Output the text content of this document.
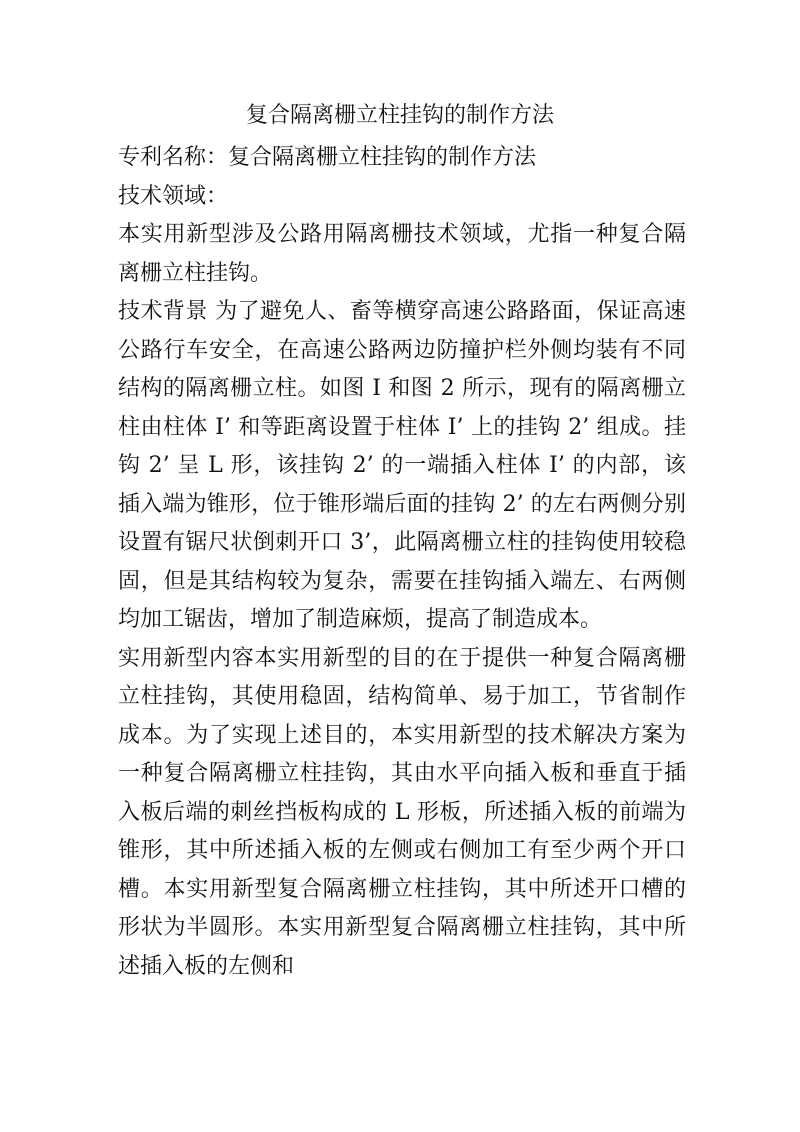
复合隔离栅立柱挂钩的制作方法

专利名称：复合隔离栅立柱挂钩的制作方法

技术领域：

本实用新型涉及公路用隔离栅技术领域，尤指一种复合隔离栅立柱挂钩。

技术背景 为了避免人、畜等横穿高速公路路面，保证高速公路行车安全，在高速公路两边防撞护栏外侧均装有不同结构的隔离栅立柱。如图 I 和图 2 所示，现有的隔离栅立柱由柱体 I’ 和等距离设置于柱体 I’ 上的挂钩 2’ 组成。挂钩 2’ 呈 L 形，该挂钩 2’ 的一端插入柱体 I’ 的内部，该插入端为锥形，位于锥形端后面的挂钩 2’ 的左右两侧分别设置有锯尺状倒刺开口 3’，此隔离栅立柱的挂钩使用较稳固，但是其结构较为复杂，需要在挂钩插入端左、右两侧均加工锯齿，增加了制造麻烦，提高了制造成本。

实用新型内容本实用新型的目的在于提供一种复合隔离栅立柱挂钩，其使用稳固，结构简单、易于加工，节省制作成本。为了实现上述目的，本实用新型的技术解决方案为一种复合隔离栅立柱挂钩，其由水平向插入板和垂直于插入板后端的刺丝挡板构成的 L 形板，所述插入板的前端为锥形，其中所述插入板的左侧或右侧加工有至少两个开口槽。本实用新型复合隔离栅立柱挂钩，其中所述开口槽的形状为半圆形。本实用新型复合隔离栅立柱挂钩，其中所述插入板的左侧和
